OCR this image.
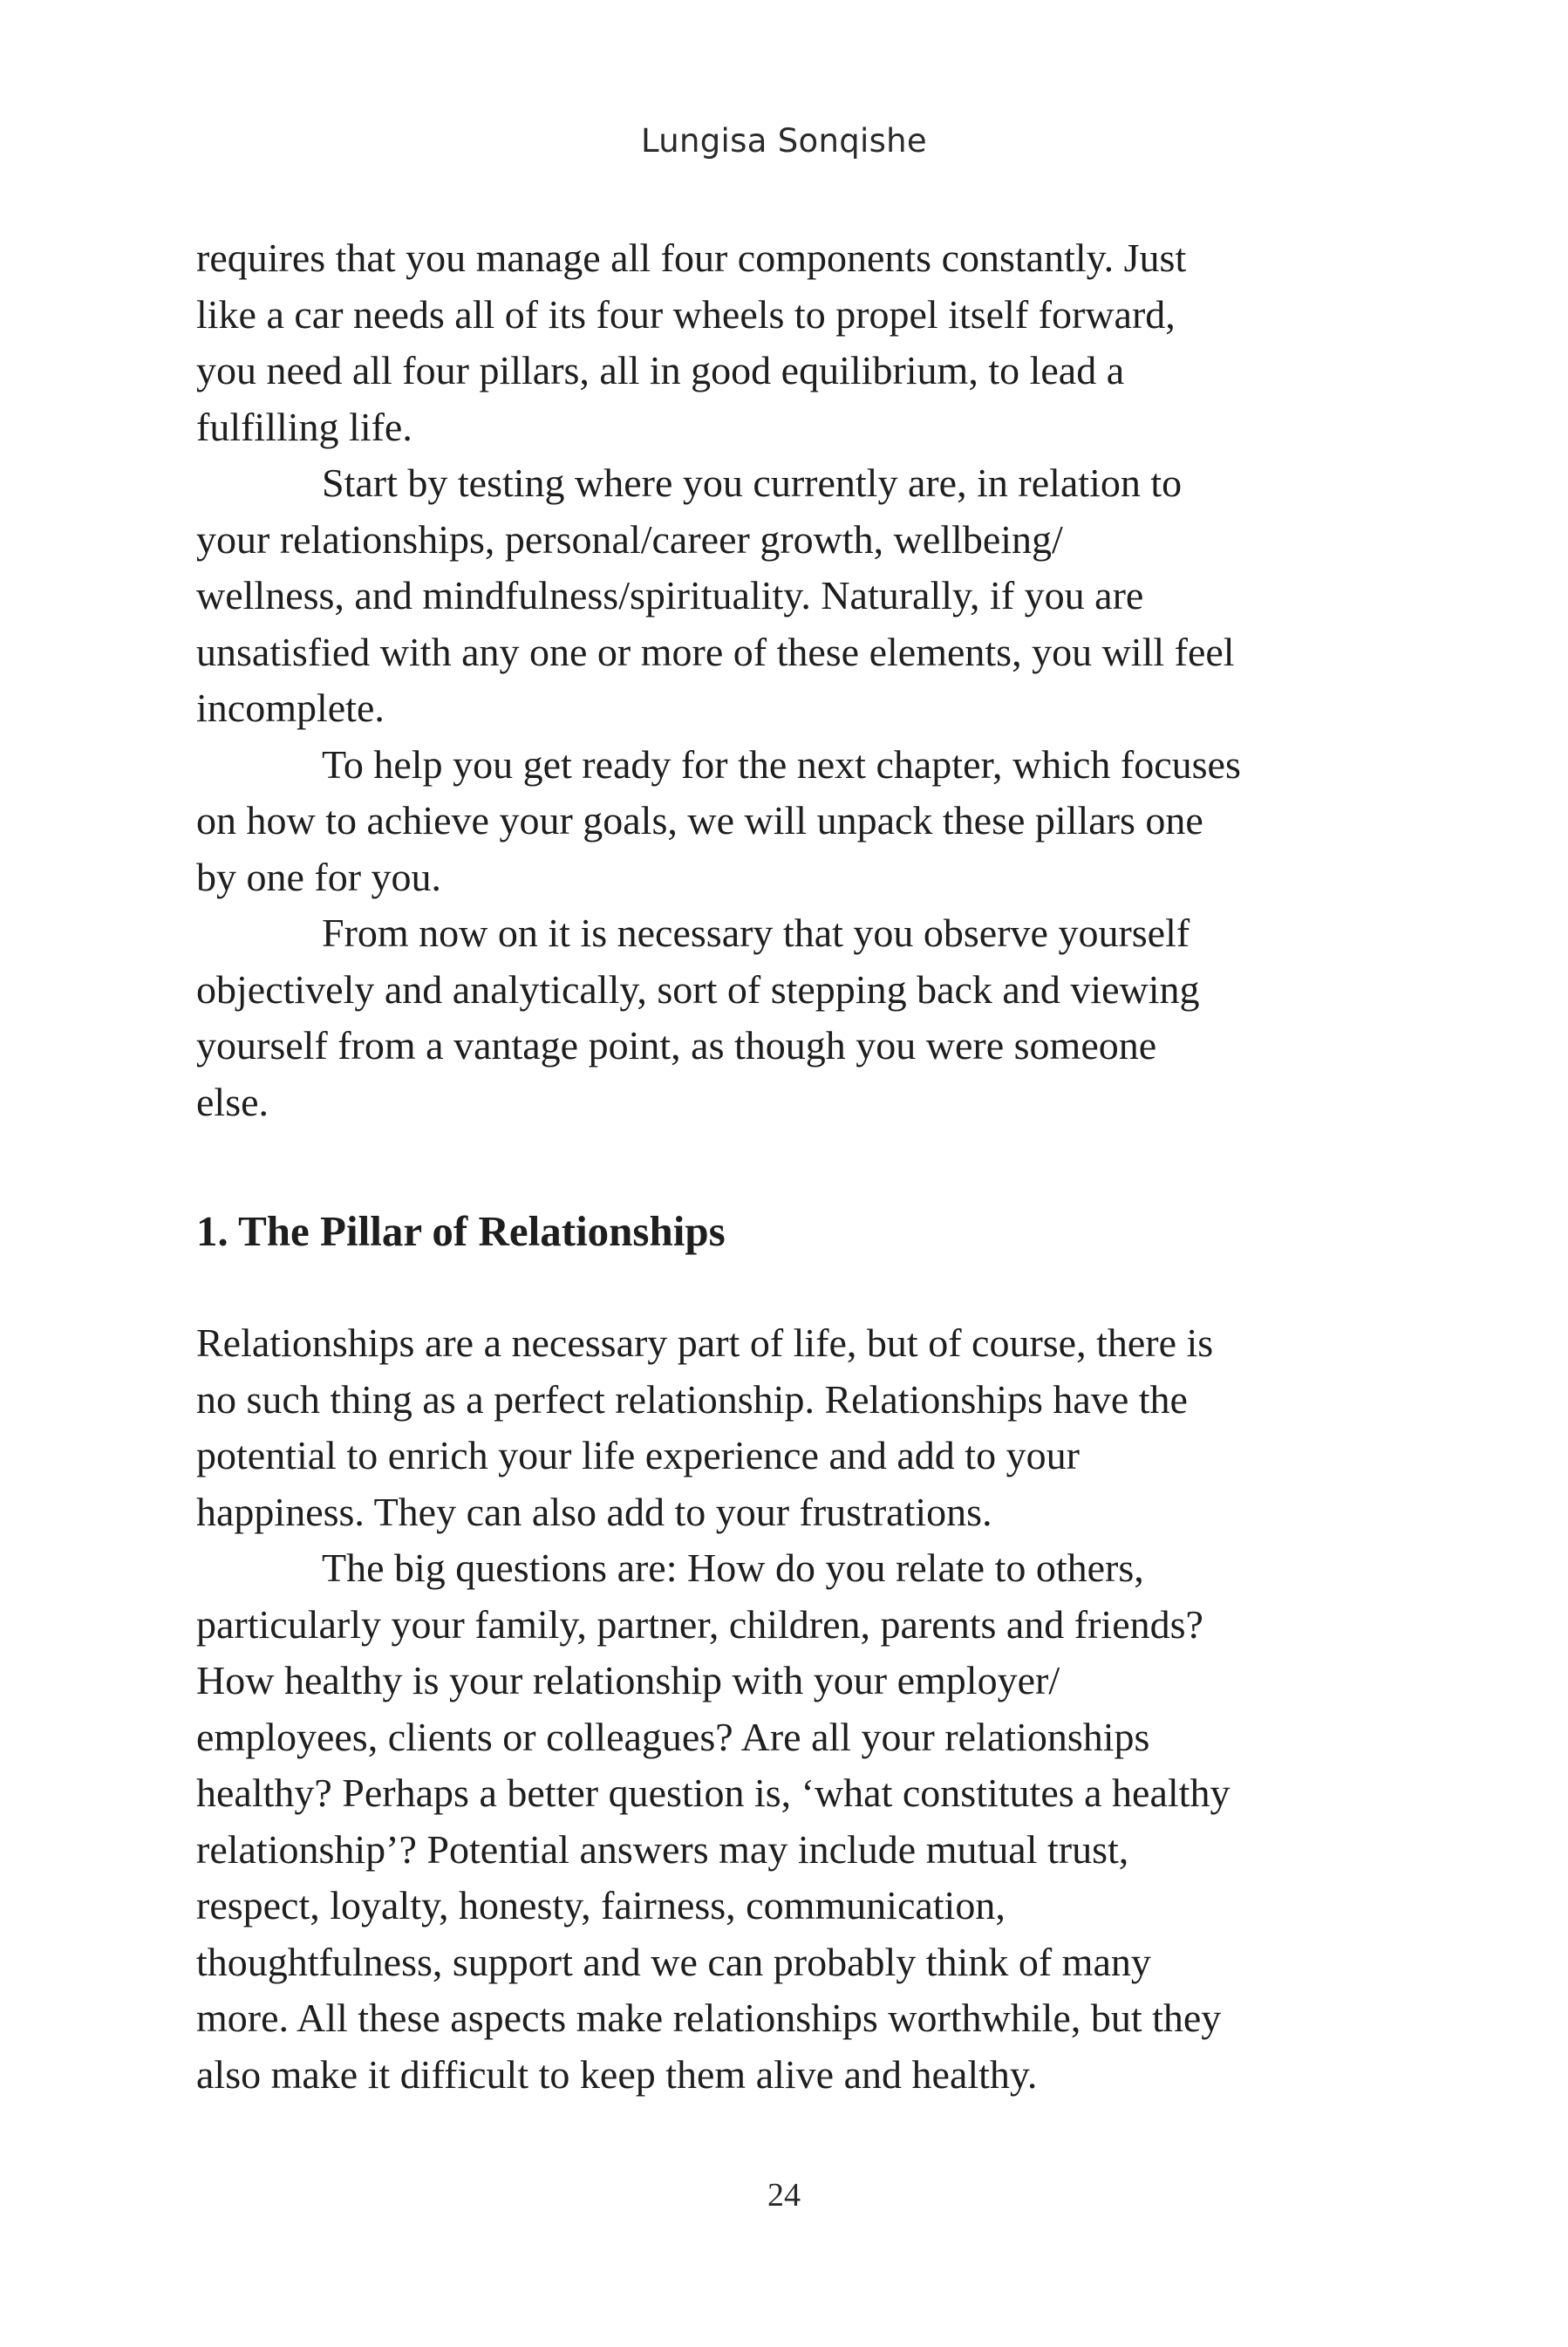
Lungisa Sonqishe

requires that you manage all four components constantly. Just
like a car needs all of its four wheels to propel itself forward,
you need all four pillars, all in good equilibrium, to lead a
fulfilling life.

Start by testing where you currently are, in relation to
your relationships, personal/career growth, wellbeing/
wellness, and mindfulness/spirituality. Naturally, if you are
unsatisfied with any one or more of these elements, you will feel
incomplete.

To help you get ready for the next chapter, which focuses
on how to achieve your goals, we will unpack these pillars one
by one for you.

From now on it is necessary that you observe yourself
objectively and analytically, sort of stepping back and viewing
yourself from a vantage point, as though you were someone
else.

1. The Pillar of Relationships

Relationships are a necessary part of life, but of course, there is
no such thing as a perfect relationship. Relationships have the
potential to enrich your life experience and add to your
happiness. They can also add to your frustrations.

The big questions are: How do you relate to others,
particularly your family, partner, children, parents and friends?
How healthy is your relationship with your employer/
employees, clients or colleagues? Are all your relationships
healthy? Perhaps a better question is, ‘what constitutes a healthy
relationship’? Potential answers may include mutual trust,
respect, loyalty, honesty, fairness, communication,
thoughtfulness, support and we can probably think of many
more. All these aspects make relationships worthwhile, but they
also make it difficult to keep them alive and healthy.

24
